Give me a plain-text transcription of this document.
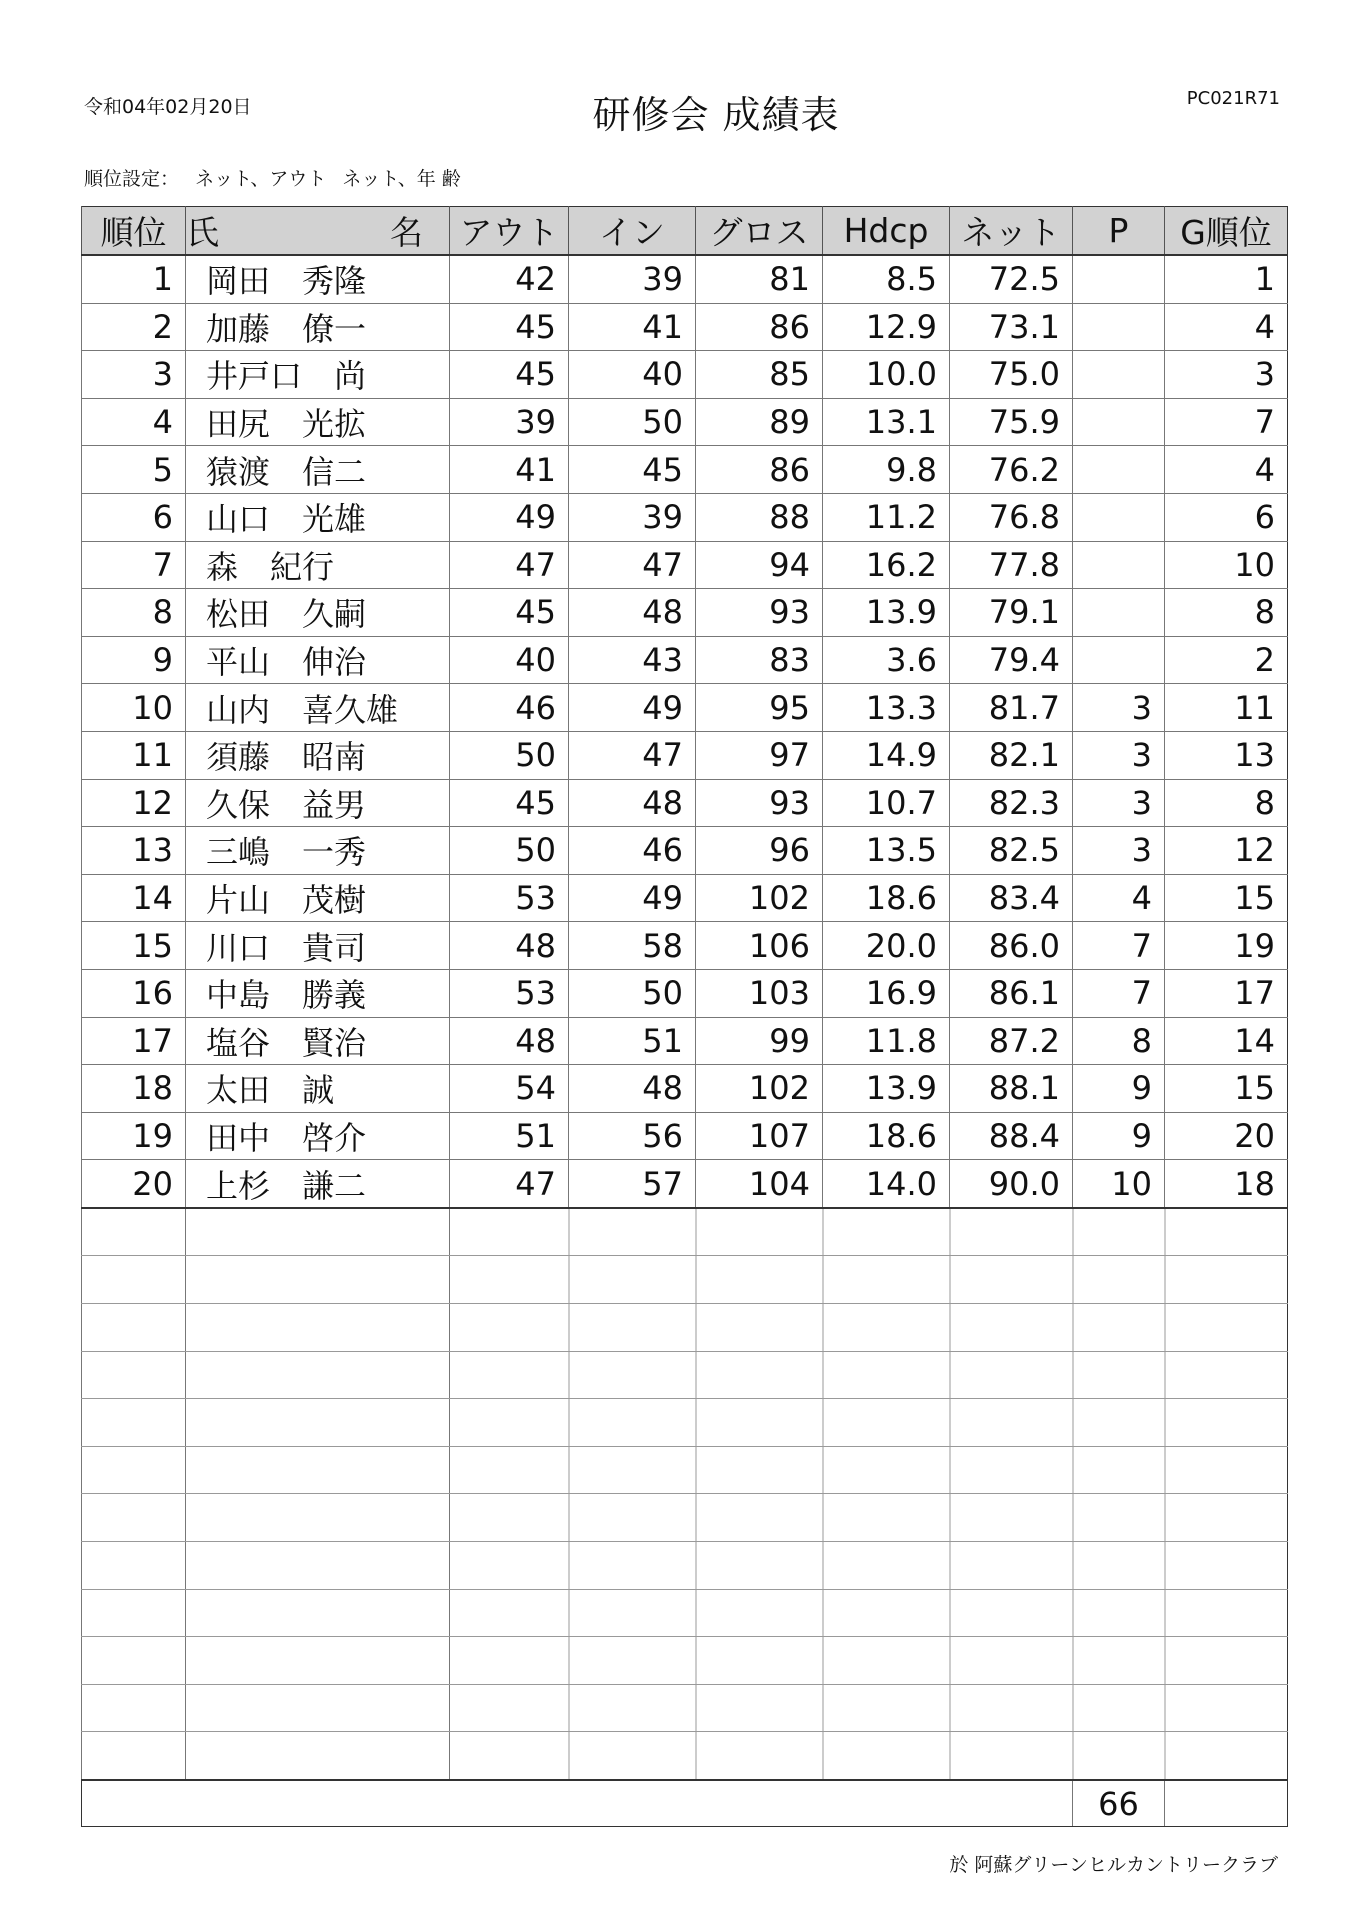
令和04年02月20日	研修会 成績表	PC021R71
順位設定： ネット、アウト ネット、年 齢
順位	氏 名	アウト	イン	グロス	Hdcp	ネット	P	G順位
1	岡田　秀隆	42	39	81	8.5	72.5		1
2	加藤　僚一	45	41	86	12.9	73.1		4
3	井戸口　尚	45	40	85	10.0	75.0		3
4	田尻　光拡	39	50	89	13.1	75.9		7
5	猿渡　信二	41	45	86	9.8	76.2		4
6	山口　光雄	49	39	88	11.2	76.8		6
7	森　紀行	47	47	94	16.2	77.8		10
8	松田　久嗣	45	48	93	13.9	79.1		8
9	平山　伸治	40	43	83	3.6	79.4		2
10	山内　喜久雄	46	49	95	13.3	81.7	3	11
11	須藤　昭南	50	47	97	14.9	82.1	3	13
12	久保　益男	45	48	93	10.7	82.3	3	8
13	三嶋　一秀	50	46	96	13.5	82.5	3	12
14	片山　茂樹	53	49	102	18.6	83.4	4	15
15	川口　貴司	48	58	106	20.0	86.0	7	19
16	中島　勝義	53	50	103	16.9	86.1	7	17
17	塩谷　賢治	48	51	99	11.8	87.2	8	14
18	太田　誠	54	48	102	13.9	88.1	9	15
19	田中　啓介	51	56	107	18.6	88.4	9	20
20	上杉　謙二	47	57	104	14.0	90.0	10	18

							66	
於 阿蘇グリーンヒルカントリークラブ
